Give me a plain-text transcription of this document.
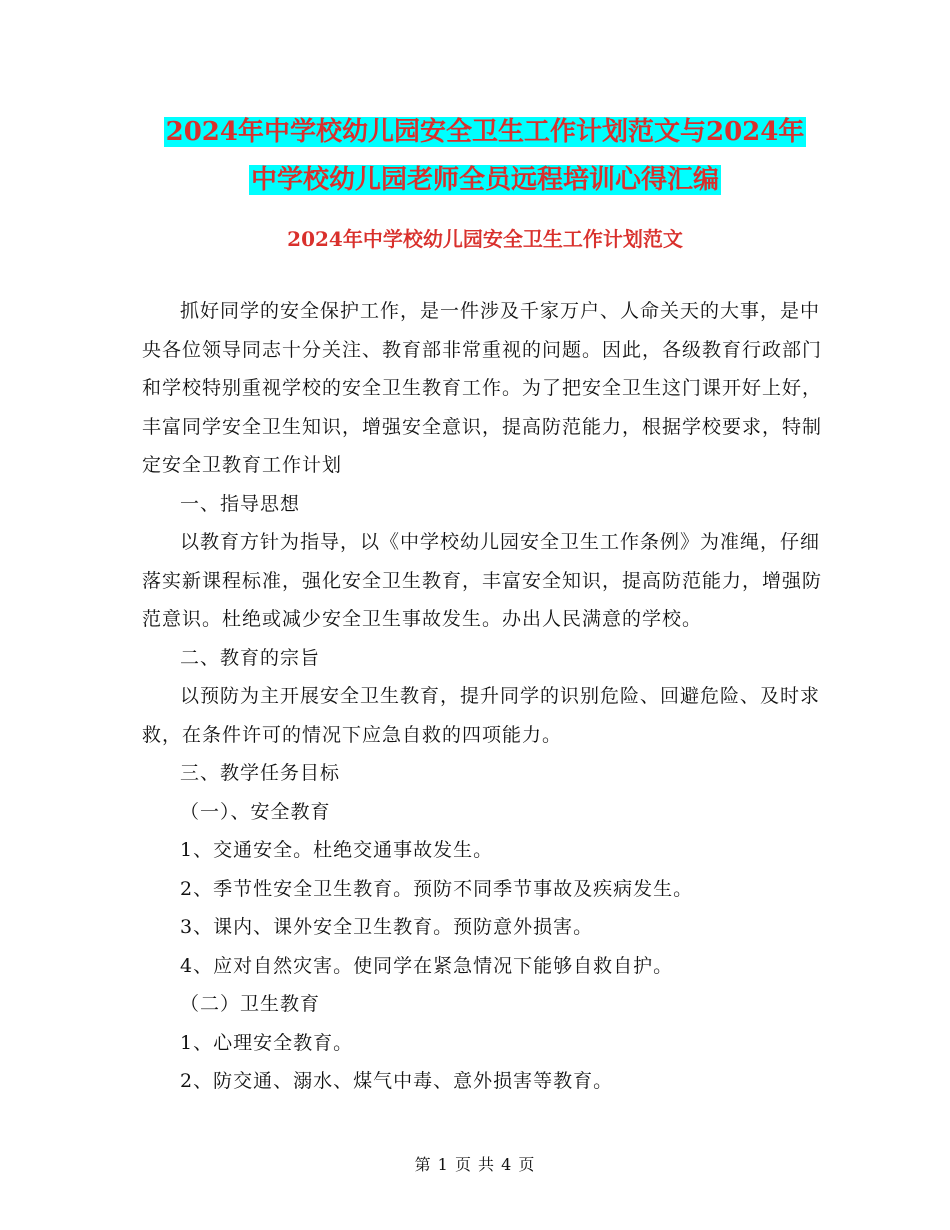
2024年中学校幼儿园安全卫生工作计划范文与2024年
中学校幼儿园老师全员远程培训心得汇编
2024年中学校幼儿园安全卫生工作计划范文

抓好同学的安全保护工作，是一件涉及千家万户、人命关天的大事，是中央各位领导同志十分关注、教育部非常重视的问题。因此，各级教育行政部门和学校特别重视学校的安全卫生教育工作。为了把安全卫生这门课开好上好，丰富同学安全卫生知识，增强安全意识，提高防范能力，根据学校要求，特制定安全卫教育工作计划

一、指导思想

以教育方针为指导，以《中学校幼儿园安全卫生工作条例》为准绳，仔细落实新课程标准，强化安全卫生教育，丰富安全知识，提高防范能力，增强防范意识。杜绝或减少安全卫生事故发生。办出人民满意的学校。

二、教育的宗旨

以预防为主开展安全卫生教育，提升同学的识别危险、回避危险、及时求救，在条件许可的情况下应急自救的四项能力。

三、教学任务目标

（一）、安全教育

1、交通安全。杜绝交通事故发生。

2、季节性安全卫生教育。预防不同季节事故及疾病发生。

3、课内、课外安全卫生教育。预防意外损害。

4、应对自然灾害。使同学在紧急情况下能够自救自护。

（二）卫生教育

1、心理安全教育。

2、防交通、溺水、煤气中毒、意外损害等教育。

第 1 页 共 4 页
